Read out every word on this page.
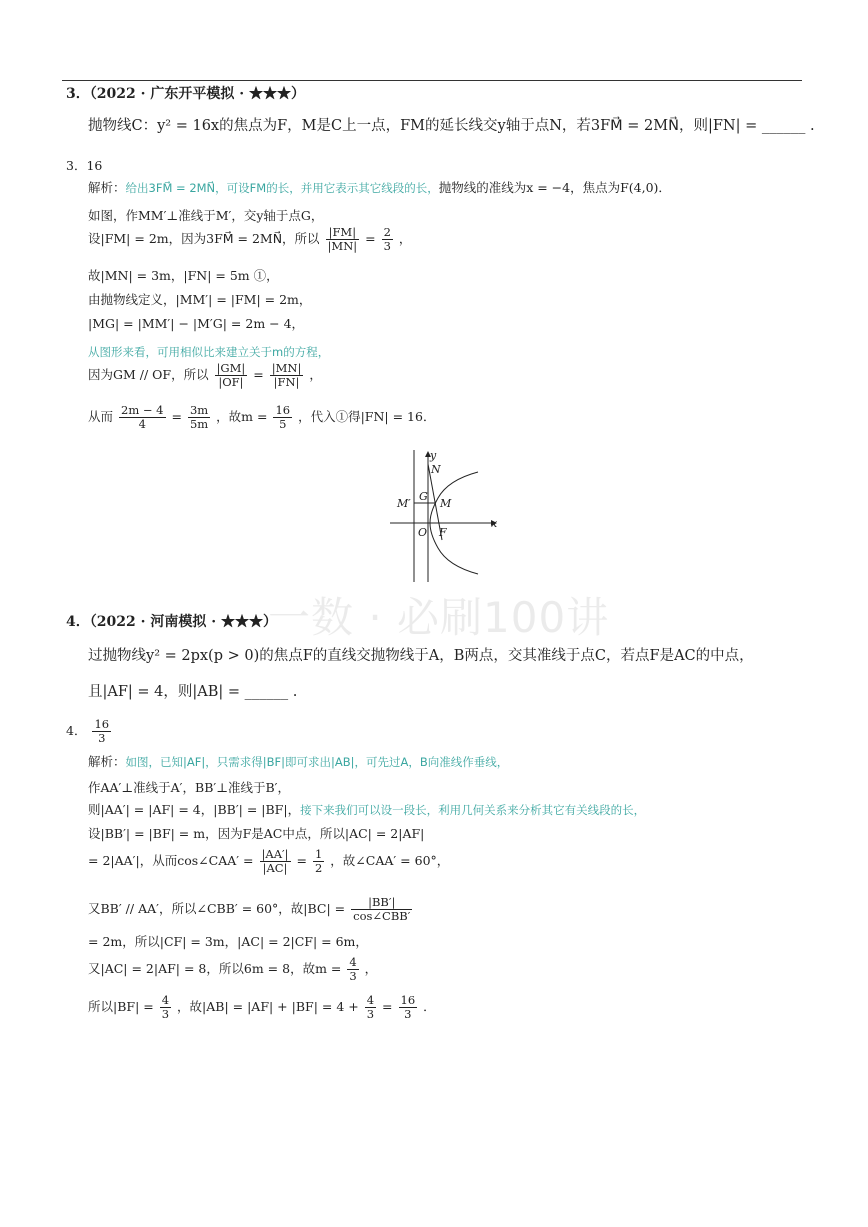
3．（2022 · 广东开平模拟 · ★★★）
抛物线C：y² = 16x的焦点为F，M是C上一点，FM的延长线交y轴于点N，若3FM⃗ = 2MN⃗，则|FN| = ______ .
3．16
解析：给出3FM⃗ = 2MN⃗，可设FM的长，并用它表示其它线段的长，抛物线的准线为x = −4，焦点为F(4,0)．
如图，作MM′⊥准线于M′，交y轴于点G，
设|FM| = 2m，因为3FM⃗ = 2MN⃗，所以 $\frac{|FM|}{|MN|} = \frac{2}{3}$ ，
故|MN| = 3m，|FN| = 5m ①，
由抛物线定义，|MM′| = |FM| = 2m，
|MG| = |MM′| − |M′G| = 2m − 4，
从图形来看，可用相似比来建立关于m的方程，
因为GM // OF，所以 $\frac{|GM|}{|OF|} = \frac{|MN|}{|FN|}$ ，
从而 $\frac{2m - 4}{4} = \frac{3m}{5m}$ ，故$m = \frac{16}{5}$ ，代入①得|FN| = 16．
y
x
N
G
M′	M
O F
一数 · 必刷100讲
4．（2022 · 河南模拟 · ★★★）
过抛物线y² = 2px(p > 0)的焦点F的直线交抛物线于A，B两点，交其准线于点C，若点F是AC的中点，
且|AF| = 4，则|AB| = ______ .
4． $\frac{16}{3}$
解析：如图，已知|AF|，只需求得|BF|即可求出|AB|，可先过A，B向准线作垂线，
作AA′⊥准线于A′，BB′⊥准线于B′，
则|AA′| = |AF| = 4，|BB′| = |BF|，接下来我们可以设一段长，利用几何关系来分析其它有关线段的长，
设|BB′| = |BF| = m，因为F是AC中点，所以|AC| = 2|AF|
= 2|AA′|，从而cos∠CAA′ = $\frac{|AA'|}{|AC|} = \frac{1}{2}$ ，故∠CAA′ = 60°，
又BB′ // AA′，所以∠CBB′ = 60°，故$|BC| = \frac{|BB'|}{\text{cos∠CBB′}}$
= 2m，所以|CF| = 3m，|AC| = 2|CF| = 6m，
又|AC| = 2|AF| = 8，所以6m = 8，故$m = \frac{4}{3}$ ，
所以$|BF| = \frac{4}{3}$ ，故$|AB| = |AF| + |BF| = 4 + \frac{4}{3} = \frac{16}{3}$ ．
